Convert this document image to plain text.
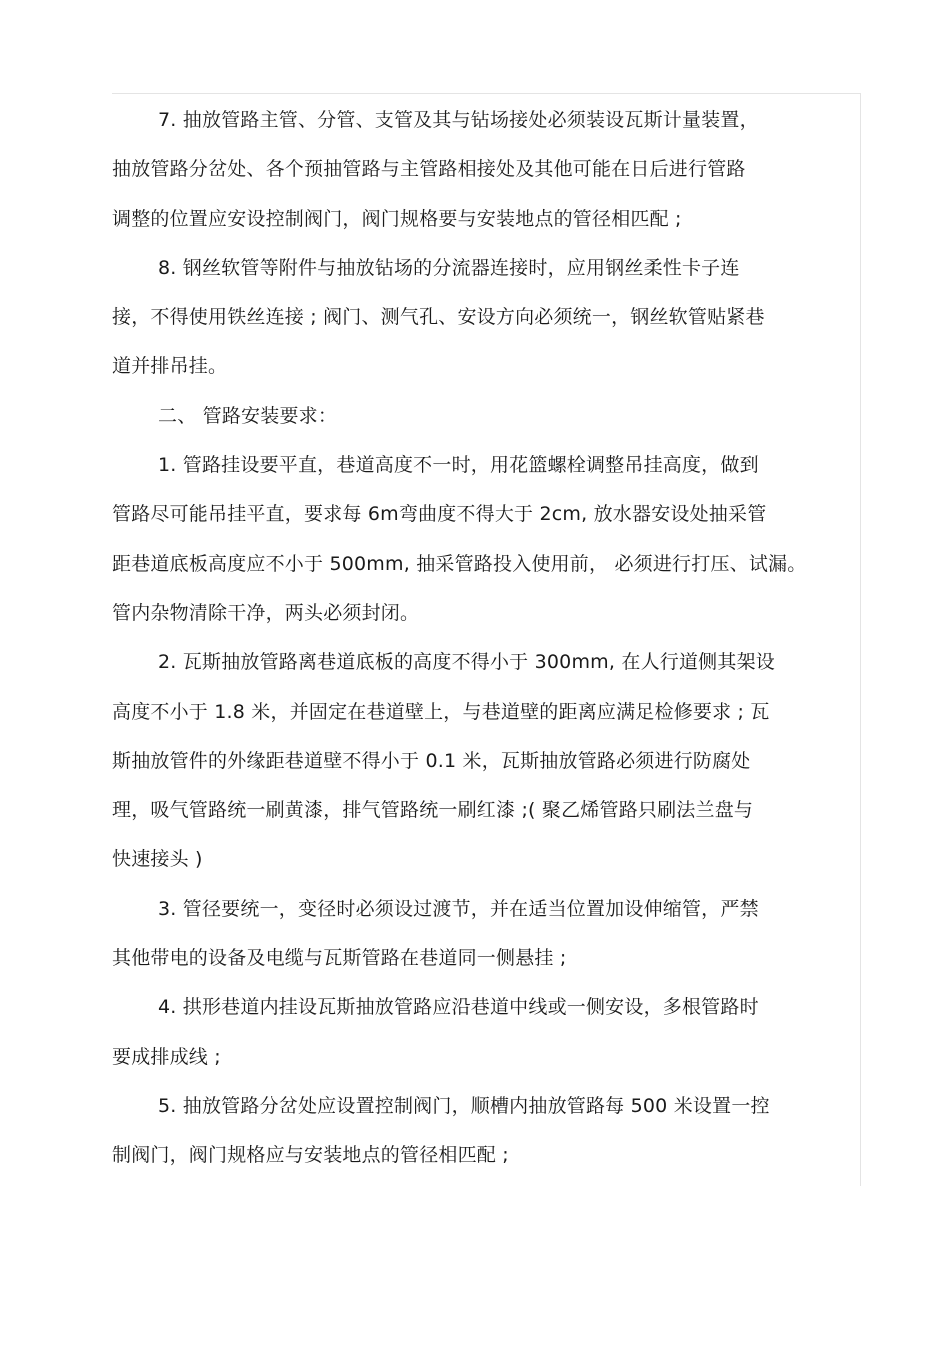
7. 抽放管路主管、分管、支管及其与钻场接处必须装设瓦斯计量装置，
抽放管路分岔处、各个预抽管路与主管路相接处及其他可能在日后进行管路
调整的位置应安设控制阀门，阀门规格要与安装地点的管径相匹配 ;
8. 钢丝软管等附件与抽放钻场的分流器连接时，应用钢丝柔性卡子连
接，不得使用铁丝连接 ; 阀门、测气孔、安设方向必须统一，钢丝软管贴紧巷
道并排吊挂。
二、 管路安装要求：
1. 管路挂设要平直，巷道高度不一时，用花篮螺栓调整吊挂高度，做到
管路尽可能吊挂平直，要求每 6m弯曲度不得大于 2cm, 放水器安设处抽采管
距巷道底板高度应不小于 500mm, 抽采管路投入使用前， 必须进行打压、试漏。
管内杂物清除干净，两头必须封闭。
2. 瓦斯抽放管路离巷道底板的高度不得小于 300mm, 在人行道侧其架设
高度不小于 1.8 米，并固定在巷道壁上，与巷道壁的距离应满足检修要求 ; 瓦
斯抽放管件的外缘距巷道壁不得小于 0.1 米，瓦斯抽放管路必须进行防腐处
理，吸气管路统一刷黄漆，排气管路统一刷红漆 ;( 聚乙烯管路只刷法兰盘与
快速接头 )
3. 管径要统一，变径时必须设过渡节，并在适当位置加设伸缩管，严禁
其他带电的设备及电缆与瓦斯管路在巷道同一侧悬挂 ;
4. 拱形巷道内挂设瓦斯抽放管路应沿巷道中线或一侧安设，多根管路时
要成排成线 ;
5. 抽放管路分岔处应设置控制阀门，顺槽内抽放管路每 500 米设置一控
制阀门，阀门规格应与安装地点的管径相匹配 ;
